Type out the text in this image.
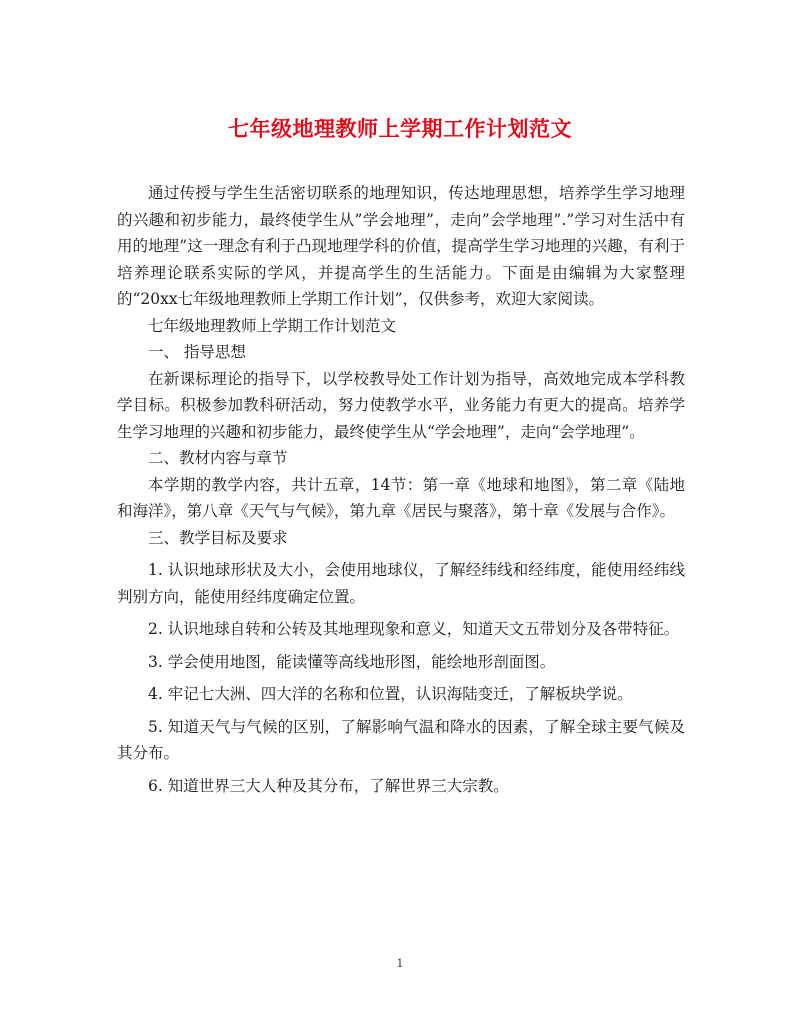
七年级地理教师上学期工作计划范文

通过传授与学生生活密切联系的地理知识，传达地理思想，培养学生学习地理的兴趣和初步能力，最终使学生从”学会地理”，走向”会学地理”.”学习对生活中有用的地理”这一理念有利于凸现地理学科的价值，提高学生学习地理的兴趣，有利于培养理论联系实际的学风，并提高学生的生活能力。下面是由编辑为大家整理的“20xx七年级地理教师上学期工作计划”，仅供参考，欢迎大家阅读。

七年级地理教师上学期工作计划范文

一、 指导思想

在新课标理论的指导下，以学校教导处工作计划为指导，高效地完成本学科教学目标。积极参加教科研活动，努力使教学水平，业务能力有更大的提高。培养学生学习地理的兴趣和初步能力，最终使学生从“学会地理”，走向“会学地理”。

二、教材内容与章节

本学期的教学内容，共计五章，14节：第一章《地球和地图》，第二章《陆地和海洋》，第八章《天气与气候》，第九章《居民与聚落》，第十章《发展与合作》。

三、教学目标及要求

1. 认识地球形状及大小，会使用地球仪，了解经纬线和经纬度，能使用经纬线判别方向，能使用经纬度确定位置。

2. 认识地球自转和公转及其地理现象和意义，知道天文五带划分及各带特征。

3. 学会使用地图，能读懂等高线地形图，能绘地形剖面图。

4. 牢记七大洲、四大洋的名称和位置，认识海陆变迁，了解板块学说。

5. 知道天气与气候的区别，了解影响气温和降水的因素，了解全球主要气候及其分布。

6. 知道世界三大人种及其分布，了解世界三大宗教。

1
